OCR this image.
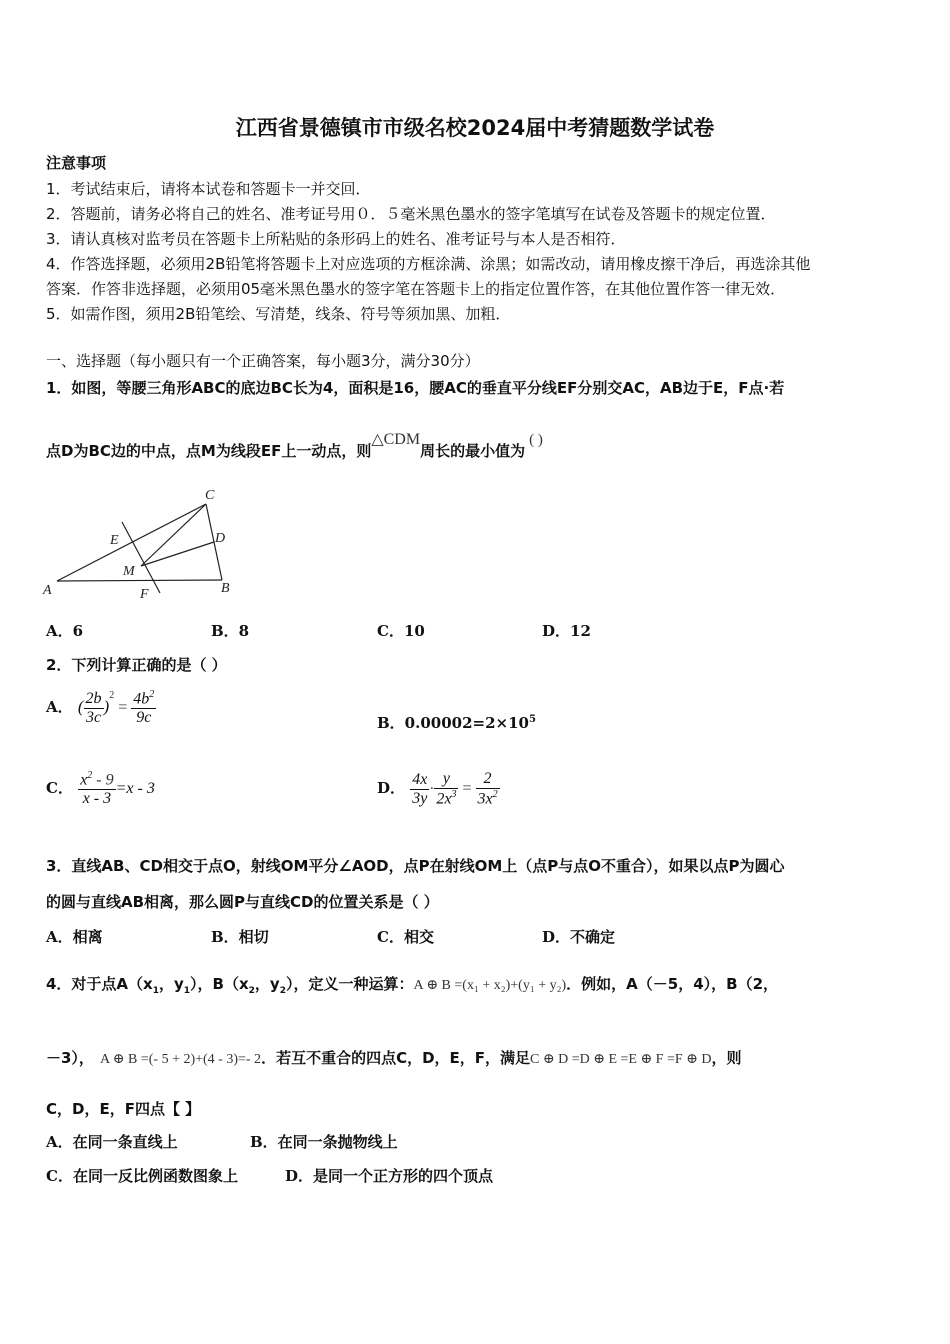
江西省景德镇市市级名校2024届中考猜题数学试卷
注意事项
1．考试结束后，请将本试卷和答题卡一并交回．
2．答题前，请务必将自己的姓名、准考证号用０．５毫米黑色墨水的签字笔填写在试卷及答题卡的规定位置．
3．请认真核对监考员在答题卡上所粘贴的条形码上的姓名、准考证号与本人是否相符．
4．作答选择题，必须用2B铅笔将答题卡上对应选项的方框涂满、涂黑；如需改动，请用橡皮擦干净后，再选涂其他
答案．作答非选择题，必须用05毫米黑色墨水的签字笔在答题卡上的指定位置作答，在其他位置作答一律无效．
5．如需作图，须用2B铅笔绘、写清楚，线条、符号等须加黑、加粗．
一、选择题（每小题只有一个正确答案，每小题3分，满分30分）
1．如图，等腰三角形ABC的底边BC长为4，面积是16，腰AC的垂直平分线EF分别交AC，AB边于E，F点·若
点D为BC边的中点，点M为线段EF上一动点，则△CDM周长的最小值为( )
C
E	D
M
A	F	B
A．6	B．8	C．10	D．12
2．下列计算正确的是（ ）
A． ( $\frac{2b}{3c} )^2 = \frac{4b^2}{9c}$	B．$0.00002=2\times 10^5$
C． $\frac{x^2 - 9}{x - 3} =x - 3$	D． $\frac{4x}{3y} \cdot \frac{y}{2x^3} = \frac{2}{3x^2}$
3．直线AB、CD相交于点O，射线OM平分∠AOD，点P在射线OM上（点P与点O不重合），如果以点P为圆心
的圆与直线AB相离，那么圆P与直线CD的位置关系是（ ）
A．相离	B．相切	C．相交	D．不确定
4．对于点$A(x_1$，$y_1$），$B(x_2$，$y_2$），定义一种运算：A ⊕ B =(x₁ + x₂)+(y₁ + y₂)．例如，A（－5，4），B（2，
－3）， A ⊕ B =(- 5 + 2)+(4 - 3)=- 2．若互不重合的四点C，D，E，F，满足C ⊕ D =D ⊕ E =E ⊕ F =F ⊕ D，则
C，D，E，F四点【 】
A．在同一条直线上	B．在同一条抛物线上
C．在同一反比例函数图象上	D．是同一个正方形的四个顶点
